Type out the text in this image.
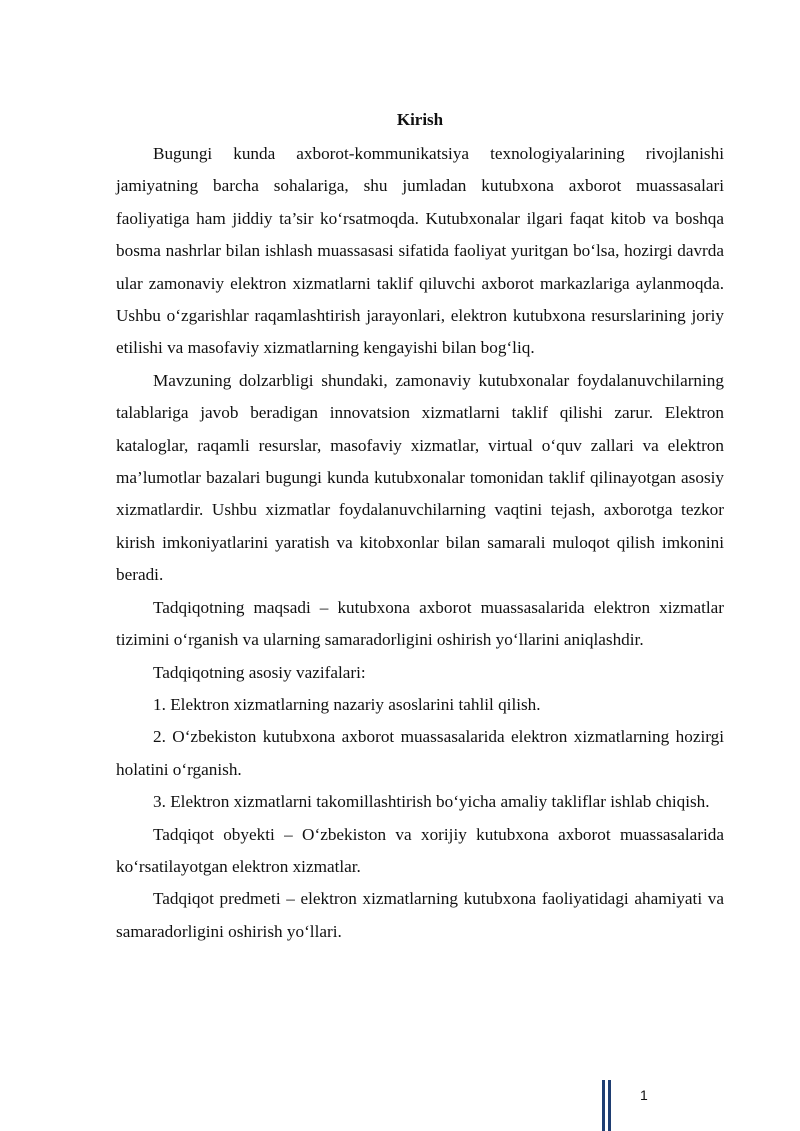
Kirish

Bugungi kunda axborot-kommunikatsiya texnologiyalarining rivojlanishi jamiyatning barcha sohalariga, shu jumladan kutubxona axborot muassasalari faoliyatiga ham jiddiy ta’sir ko‘rsatmoqda. Kutubxonalar ilgari faqat kitob va boshqa bosma nashrlar bilan ishlash muassasasi sifatida faoliyat yuritgan bo‘lsa, hozirgi davrda ular zamonaviy elektron xizmatlarni taklif qiluvchi axborot markazlariga aylanmoqda. Ushbu o‘zgarishlar raqamlashtirish jarayonlari, elektron kutubxona resurslarining joriy etilishi va masofaviy xizmatlarning kengayishi bilan bog‘liq.

Mavzuning dolzarbligi shundaki, zamonaviy kutubxonalar foydalanuvchilarning talablariga javob beradigan innovatsion xizmatlarni taklif qilishi zarur. Elektron kataloglar, raqamli resurslar, masofaviy xizmatlar, virtual o‘quv zallari va elektron ma’lumotlar bazalari bugungi kunda kutubxonalar tomonidan taklif qilinayotgan asosiy xizmatlardir. Ushbu xizmatlar foydalanuvchilarning vaqtini tejash, axborotga tezkor kirish imkoniyatlarini yaratish va kitobxonlar bilan samarali muloqot qilish imkonini beradi.

Tadqiqotning maqsadi – kutubxona axborot muassasalarida elektron xizmatlar tizimini o‘rganish va ularning samaradorligini oshirish yo‘llarini aniqlashdir.

Tadqiqotning asosiy vazifalari:

1. Elektron xizmatlarning nazariy asoslarini tahlil qilish.

2. O‘zbekiston kutubxona axborot muassasalarida elektron xizmatlarning hozirgi holatini o‘rganish.

3. Elektron xizmatlarni takomillashtirish bo‘yicha amaliy takliflar ishlab chiqish.

Tadqiqot obyekti – O‘zbekiston va xorijiy kutubxona axborot muassasalarida ko‘rsatilayotgan elektron xizmatlar.

Tadqiqot predmeti – elektron xizmatlarning kutubxona faoliyatidagi ahamiyati va samaradorligini oshirish yo‘llari.

1
